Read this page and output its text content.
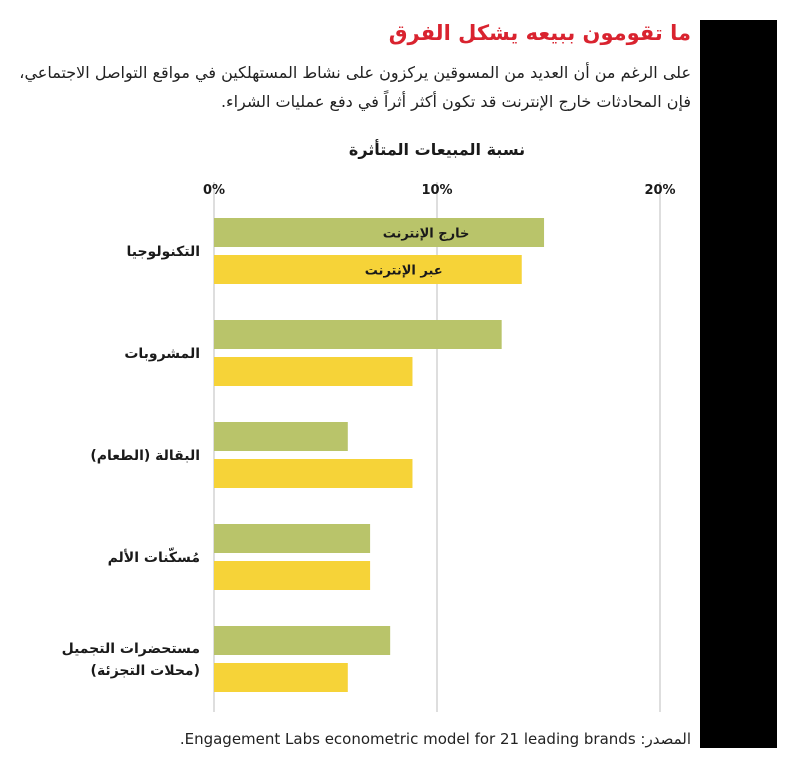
ما تقومون ببيعه يشكل الفرق
على الرغم من أن العديد من المسوقين يركزون على نشاط المستهلكين في مواقع التواصل الاجتماعي، فإن المحادثات خارج الإنترنت قد تكون أكثر أثراً في دفع عمليات الشراء.
نسبة المبيعات المتأثرة
0%	10%	20%
خارج الإنترنت
عبر الإنترنت
التكنولوجيا
المشروبات
البقالة (الطعام)
مُسكّنات الألم
مستحضرات التجميل
(محلات التجزئة)
المصدر: Engagement Labs econometric model for 21 leading brands.
